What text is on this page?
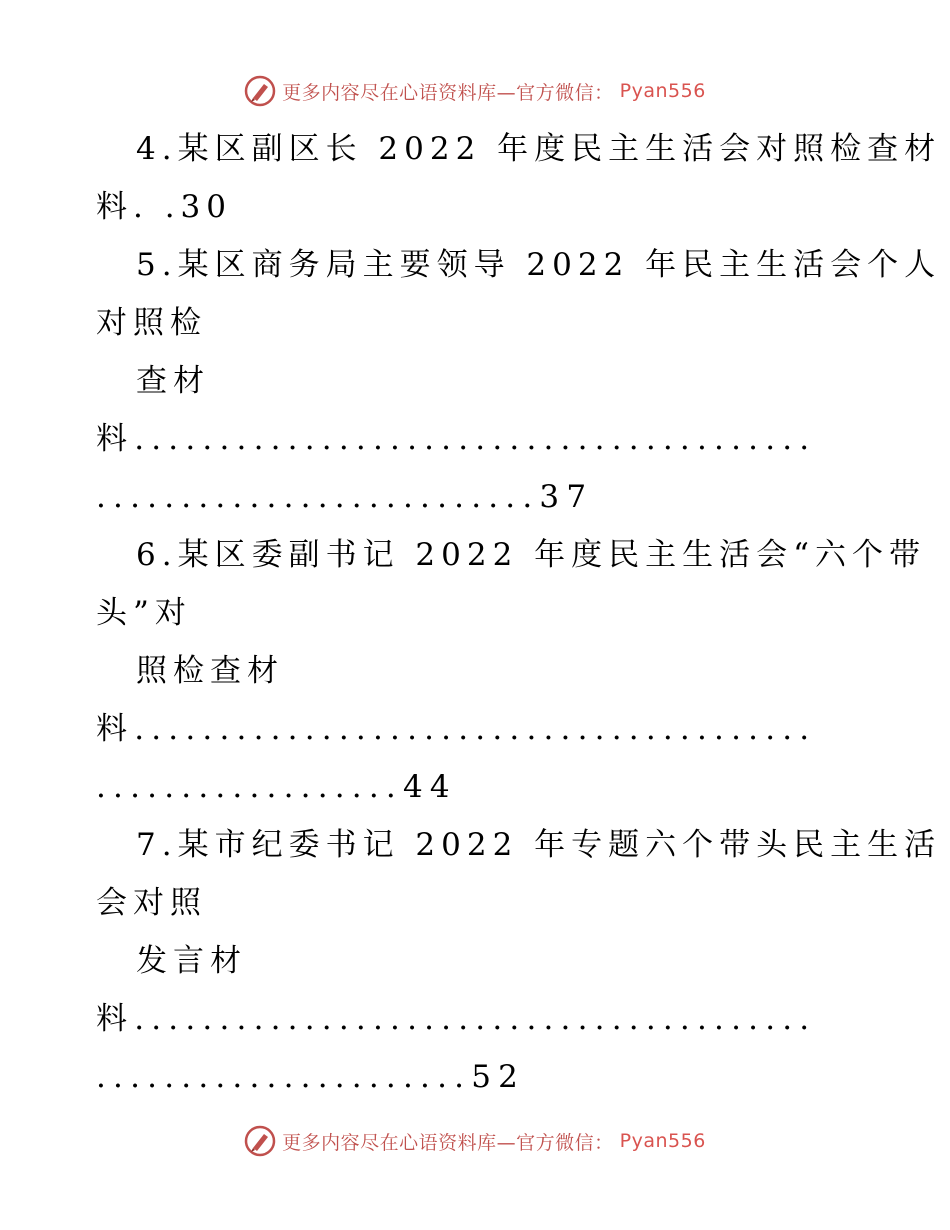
更多内容尽在心语资料库—官方微信： Pyan556
4.某区副区长 2022 年度民主生活会对照检查材
料. .30
5.某区商务局主要领导 2022 年民主生活会个人
对照检
查材
料........................................
..........................37
6.某区委副书记 2022 年度民主生活会“六个带
头”对
照检查材
料........................................
..................44
7.某市纪委书记 2022 年专题六个带头民主生活
会对照
发言材
料........................................
......................52
更多内容尽在心语资料库—官方微信： Pyan556
